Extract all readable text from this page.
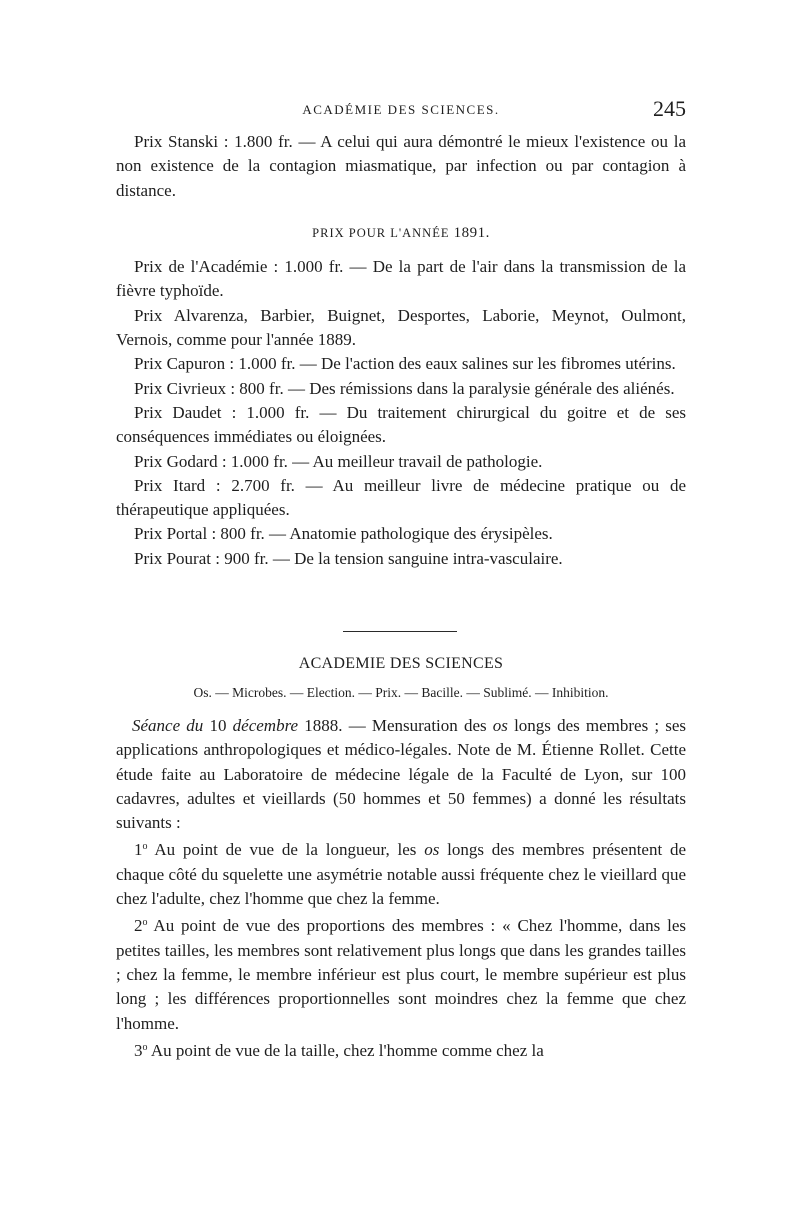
ACADÉMIE DES SCIENCES.	245

Prix Stanski : 1.800 fr. — A celui qui aura démontré le mieux l'existence ou la non existence de la contagion miasmatique, par infection ou par contagion à distance.

PRIX POUR L'ANNÉE 1891.

Prix de l'Académie : 1.000 fr. — De la part de l'air dans la transmission de la fièvre typhoïde.

Prix Alvarenza, Barbier, Buignet, Desportes, Laborie, Meynot, Oulmont, Vernois, comme pour l'année 1889.

Prix Capuron : 1.000 fr. — De l'action des eaux salines sur les fibromes utérins.

Prix Civrieux : 800 fr. — Des rémissions dans la paralysie générale des aliénés.

Prix Daudet : 1.000 fr. — Du traitement chirurgical du goitre et de ses conséquences immédiates ou éloignées.

Prix Godard : 1.000 fr. — Au meilleur travail de pathologie.

Prix Itard : 2.700 fr. — Au meilleur livre de médecine pratique ou de thérapeutique appliquées.

Prix Portal : 800 fr. — Anatomie pathologique des érysipèles.

Prix Pourat : 900 fr. — De la tension sanguine intra-vasculaire.

ACADEMIE DES SCIENCES
Os. — Microbes. — Election. — Prix. — Bacille. — Sublimé. — Inhibition.

Séance du 10 décembre 1888. — Mensuration des os longs des membres ; ses applications anthropologiques et médico-légales. Note de M. Étienne Rollet. Cette étude faite au Laboratoire de médecine légale de la Faculté de Lyon, sur 100 cadavres, adultes et vieillards (50 hommes et 50 femmes) a donné les résultats suivants :

1$^o$ Au point de vue de la longueur, les os longs des membres présentent de chaque côté du squelette une asymétrie notable aussi fréquente chez le vieillard que chez l'adulte, chez l'homme que chez la femme.

2$^o$ Au point de vue des proportions des membres : « Chez l'homme, dans les petites tailles, les membres sont relativement plus longs que dans les grandes tailles ; chez la femme, le membre inférieur est plus court, le membre supérieur est plus long ; les différences proportionnelles sont moindres chez la femme que chez l'homme.

3$^o$ Au point de vue de la taille, chez l'homme comme chez la
